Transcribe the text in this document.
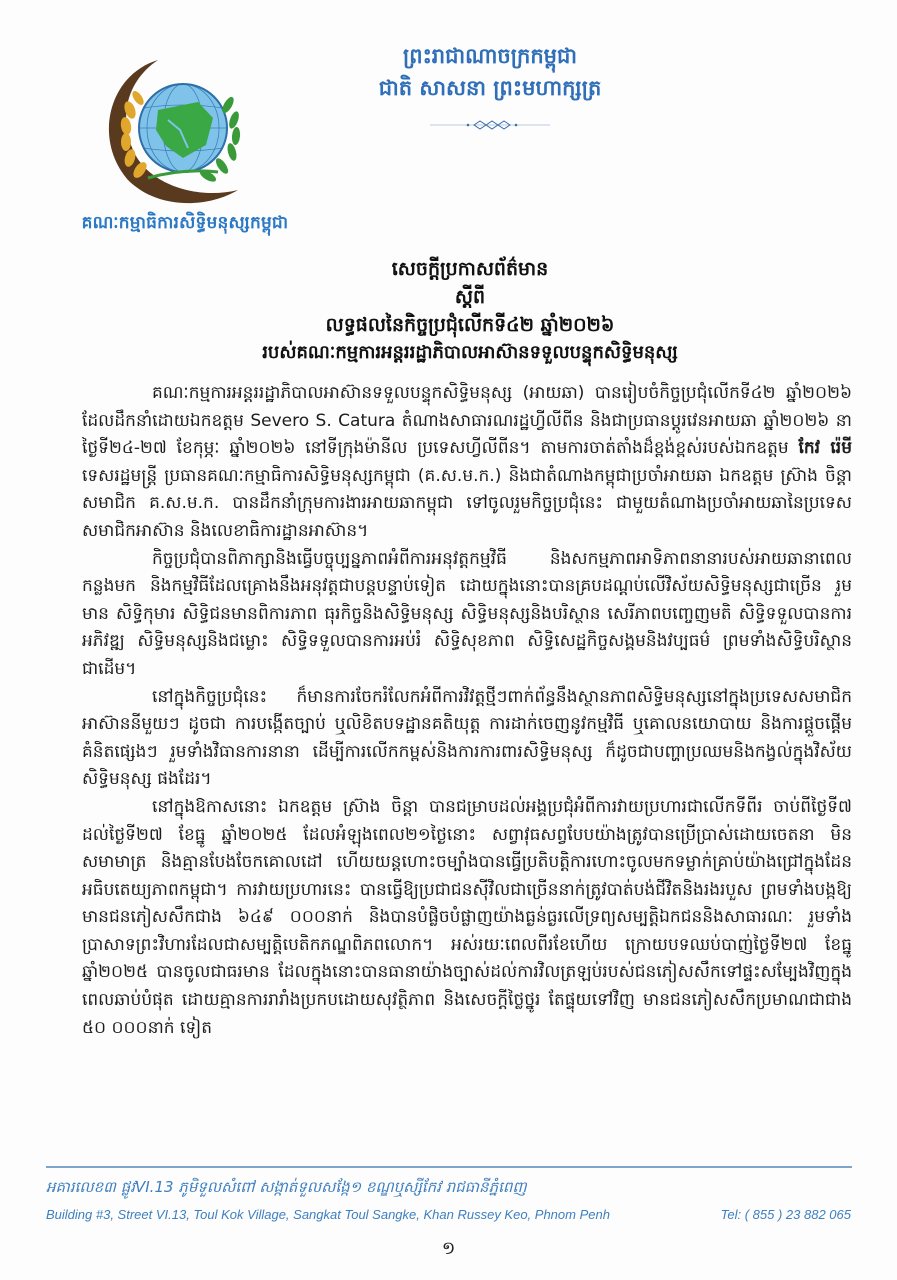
គណៈកម្មាធិការសិទ្ធិមនុស្សកម្ពុជា
ព្រះរាជាណាចក្រកម្ពុជា
ជាតិ សាសនា ព្រះមហាក្សត្រ
សេចក្ដីប្រកាសព័ត៌មាន
ស្ដីពី
លទ្ធផលនៃកិច្ចប្រជុំលើកទី៤២ ឆ្នាំ២០២៦
របស់គណៈកម្មការអន្តររដ្ឋាភិបាលអាស៊ានទទួលបន្ទុកសិទ្ធិមនុស្ស

គណៈកម្មការអន្តររដ្ឋាភិបាលអាស៊ានទទួលបន្ទុកសិទ្ធិមនុស្ស (អាយឆា) បានរៀបចំកិច្ចប្រជុំលើកទី៤២ ឆ្នាំ២០២៦ ដែលដឹកនាំដោយឯកឧត្តម Severo S. Catura តំណាងសាធារណរដ្ឋហ្វីលីពីន និងជាប្រធានប្ដូរវេនអាយឆា ឆ្នាំ២០២៦ នាថ្ងៃទី២៤-២៧ ខែកុម្ភៈ ឆ្នាំ២០២៦ នៅទីក្រុងម៉ានីល ប្រទេសហ្វីលីពីន។ តាមការចាត់តាំងដ៏ខ្ពង់ខ្ពស់របស់ឯកឧត្តម កែវ រ៉េមី ទេសរដ្ឋមន្ត្រី ប្រធានគណៈកម្មាធិការសិទ្ធិមនុស្សកម្ពុជា (គ.ស.ម.ក.) និងជាតំណាងកម្ពុជាប្រចាំអាយឆា ឯកឧត្តម ស្រ៊ាង ចិន្តា សមាជិក គ.ស.ម.ក. បានដឹកនាំក្រុមការងារអាយឆាកម្ពុជា ទៅចូលរួមកិច្ចប្រជុំនេះ ជាមួយតំណាងប្រចាំអាយឆានៃប្រទេសសមាជិកអាស៊ាន និងលេខាធិការដ្ឋានអាស៊ាន។

កិច្ចប្រជុំបានពិភាក្សានិងធ្វើបច្ចុប្បន្នភាពអំពីការអនុវត្តកម្មវិធី និងសកម្មភាពអាទិភាពនានារបស់អាយឆានាពេលកន្លងមក និងកម្មវិធីដែលគ្រោងនឹងអនុវត្តជាបន្តបន្ទាប់ទៀត ដោយក្នុងនោះបានគ្របដណ្ដប់លើវិស័យសិទ្ធិមនុស្សជាច្រើន រួមមាន សិទ្ធិកុមារ សិទ្ធិជនមានពិការភាព ធុរកិច្ចនិងសិទ្ធិមនុស្ស សិទ្ធិមនុស្សនិងបរិស្ថាន សេរីភាពបញ្ចេញមតិ សិទ្ធិទទួលបានការអភិវឌ្ឍ សិទ្ធិមនុស្សនិងជម្លោះ សិទ្ធិទទួលបានការអប់រំ សិទ្ធិសុខភាព សិទ្ធិសេដ្ឋកិច្ចសង្គមនិងវប្បធម៌ ព្រមទាំងសិទ្ធិបរិស្ថាន ជាដើម។

នៅក្នុងកិច្ចប្រជុំនេះ ក៏មានការចែករំលែកអំពីការវិវត្តថ្មីៗពាក់ព័ន្ធនឹងស្ថានភាពសិទ្ធិមនុស្សនៅក្នុងប្រទេសសមាជិកអាស៊ាននីមួយៗ ដូចជា ការបង្កើតច្បាប់ ឬលិខិតបទដ្ឋានគតិយុត្ត ការដាក់ចេញនូវកម្មវិធី ឬគោលនយោបាយ និងការផ្ដួចផ្ដើមគំនិតផ្សេងៗ រួមទាំងវិធានការនានា ដើម្បីការលើកកម្ពស់និងការការពារសិទ្ធិមនុស្ស ក៏ដូចជាបញ្ហាប្រឈមនិងកង្វល់ក្នុងវិស័យសិទ្ធិមនុស្ស ផងដែរ។

នៅក្នុងឱកាសនោះ ឯកឧត្តម ស្រ៊ាង ចិន្តា បានជម្រាបដល់អង្គប្រជុំអំពីការវាយប្រហារជាលើកទីពីរ ចាប់ពីថ្ងៃទី៧ ដល់ថ្ងៃទី២៧ ខែធ្នូ ឆ្នាំ២០២៥ ដែលអំឡុងពេល២១ថ្ងៃនោះ សព្វាវុធសព្វបែបយ៉ាងត្រូវបានប្រើប្រាស់ដោយចេតនា មិនសមាមាត្រ និងគ្មានបែងចែកគោលដៅ ហើយយន្តហោះចម្បាំងបានធ្វើប្រតិបត្តិការហោះចូលមកទម្លាក់គ្រាប់យ៉ាងជ្រៅក្នុងដែនអធិបតេយ្យភាពកម្ពុជា។ ការវាយប្រហារនេះ បានធ្វើឱ្យប្រជាជនស៊ីវិលជាច្រើននាក់ត្រូវបាត់បង់ជីវិតនិងរងរបួស ព្រមទាំងបង្កឱ្យមានជនភៀសសឹកជាង ៦៤៩ ០០០នាក់ និងបានបំផ្លិចបំផ្លាញយ៉ាងធ្ងន់ធ្ងរលើទ្រព្យសម្បត្តិឯកជននិងសាធារណៈ រួមទាំងប្រាសាទព្រះវិហារដែលជាសម្បត្តិបេតិកភណ្ឌពិភពលោក។ អស់រយៈពេលពីរខែហើយ ក្រោយបទឈប់បាញ់ថ្ងៃទី២៧ ខែធ្នូ ឆ្នាំ២០២៥ បានចូលជាធរមាន ដែលក្នុងនោះបានធានាយ៉ាងច្បាស់ដល់ការវិលត្រឡប់របស់ជនភៀសសឹកទៅផ្ទះសម្បែងវិញក្នុងពេលឆាប់បំផុត ដោយគ្មានការរារាំងប្រកបដោយសុវត្ថិភាព និងសេចក្ដីថ្លៃថ្នូរ តែផ្ទុយទៅវិញ មានជនភៀសសឹកប្រមាណជាជាង ៥០ ០០០នាក់ ទៀត

អគារលេខ៣ ផ្លូវVI.13 ភូមិទួលសំពៅ សង្កាត់ទួលសង្កែ១ ខណ្ឌឬស្សីកែវ រាជធានីភ្នំពេញ
Building #3, Street VI.13, Toul Kok Village, Sangkat Toul Sangke, Khan Russey Keo, Phnom Penh	Tel: ( 855 ) 23 882 065
១
